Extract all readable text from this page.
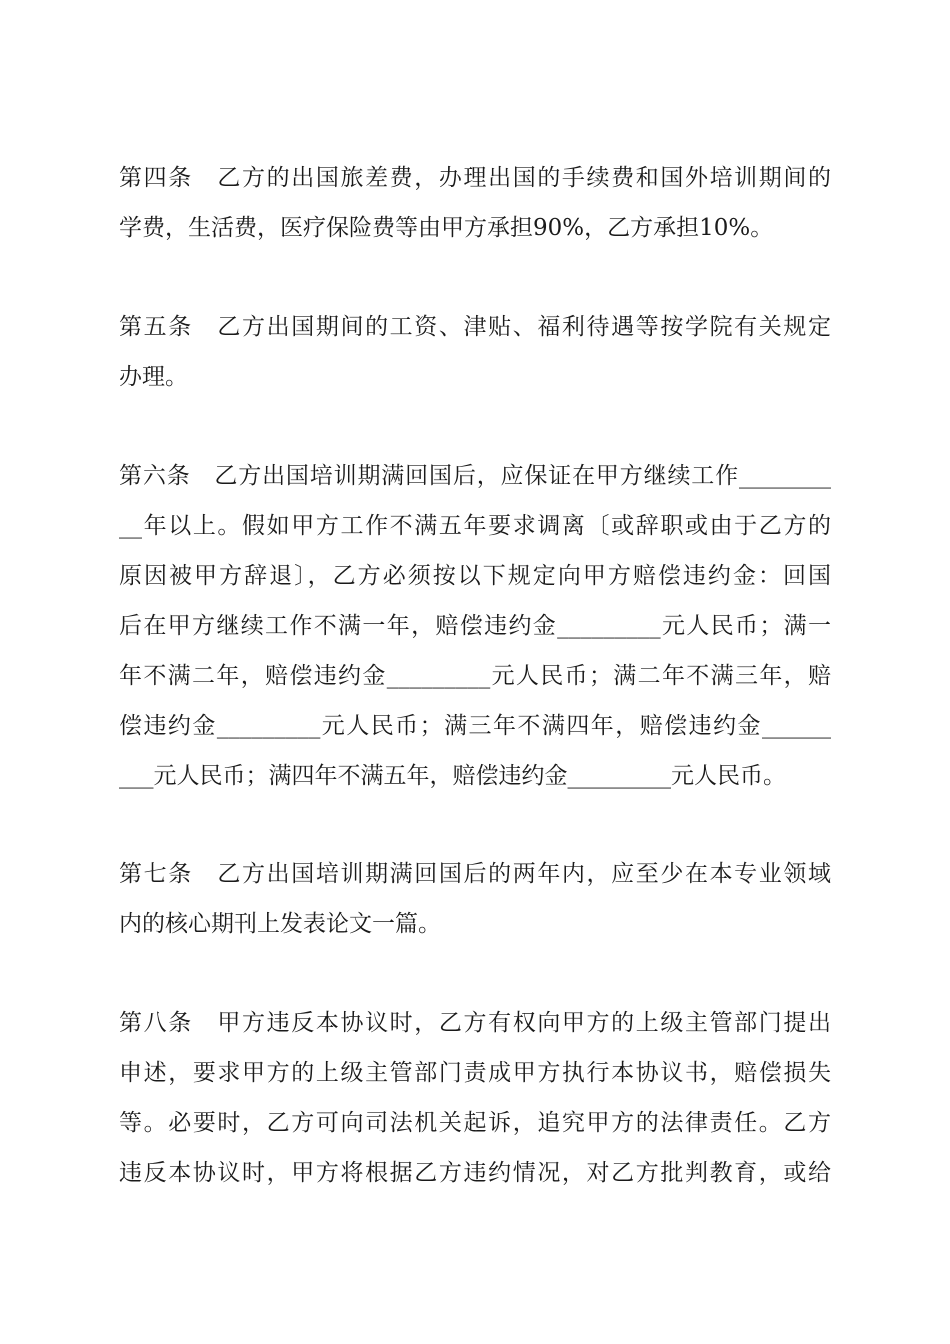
第四条　乙方的出国旅差费，办理出国的手续费和国外培训期间的
学费，生活费，医疗保险费等由甲方承担90%，乙方承担10%。
第五条　乙方出国期间的工资、津贴、福利待遇等按学院有关规定
办理。
第六条　乙方出国培训期满回国后，应保证在甲方继续工作________
__年以上。假如甲方工作不满五年要求调离〔或辞职或由于乙方的
原因被甲方辞退〕，乙方必须按以下规定向甲方赔偿违约金：回国
后在甲方继续工作不满一年，赔偿违约金_________元人民币；满一
年不满二年，赔偿违约金_________元人民币；满二年不满三年，赔
偿违约金_________元人民币；满三年不满四年，赔偿违约金______
___元人民币；满四年不满五年，赔偿违约金_________元人民币。
第七条　乙方出国培训期满回国后的两年内，应至少在本专业领域
内的核心期刊上发表论文一篇。
第八条　甲方违反本协议时，乙方有权向甲方的上级主管部门提出
申述，要求甲方的上级主管部门责成甲方执行本协议书，赔偿损失
等。必要时，乙方可向司法机关起诉，追究甲方的法律责任。乙方
违反本协议时，甲方将根据乙方违约情况，对乙方批判教育，或给
